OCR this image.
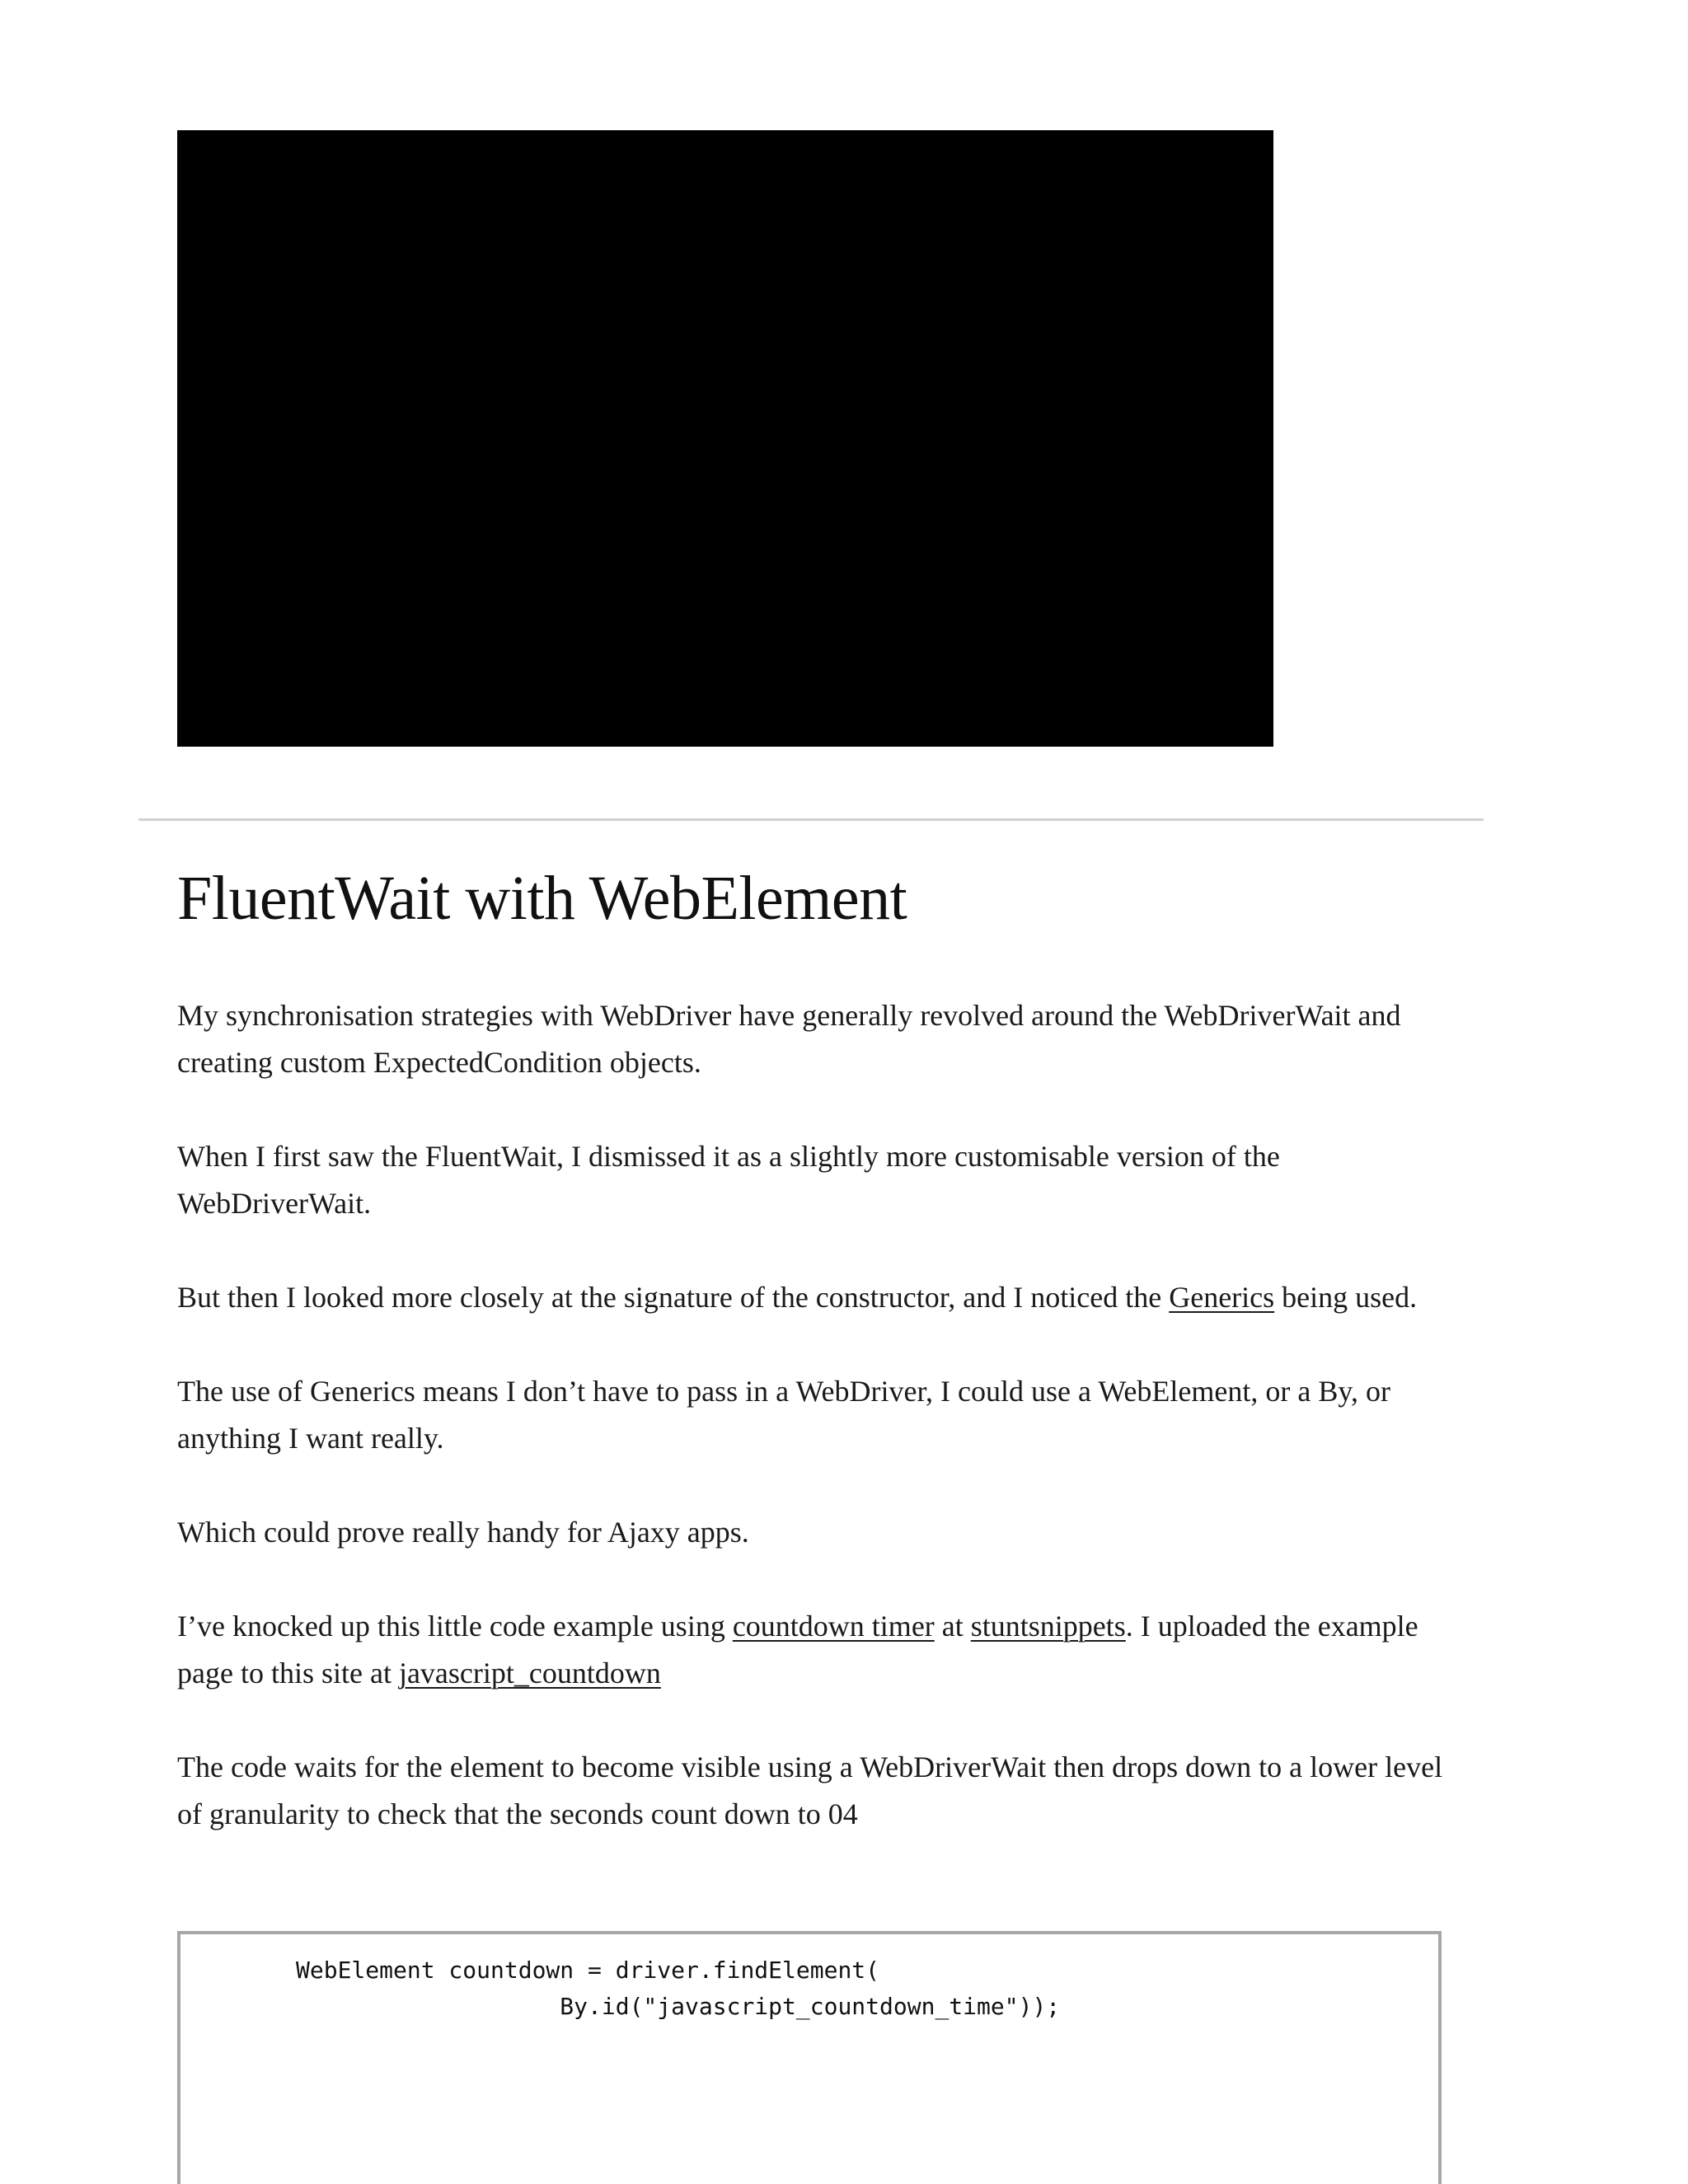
FluentWait with WebElement

My synchronisation strategies with WebDriver have generally revolved around the WebDriverWait and creating custom ExpectedCondition objects.

When I first saw the FluentWait, I dismissed it as a slightly more customisable version of the WebDriverWait.

But then I looked more closely at the signature of the constructor, and I noticed the Generics being used.

The use of Generics means I don’t have to pass in a WebDriver, I could use a WebElement, or a By, or anything I want really.

Which could prove really handy for Ajaxy apps.

I’ve knocked up this little code example using countdown timer at stuntsnippets. I uploaded the example page to this site at javascript_countdown

The code waits for the element to become visible using a WebDriverWait then drops down to a lower level of granularity to check that the seconds count down to 04

WebElement countdown = driver.findElement(
By.id("javascript_countdown_time"));
